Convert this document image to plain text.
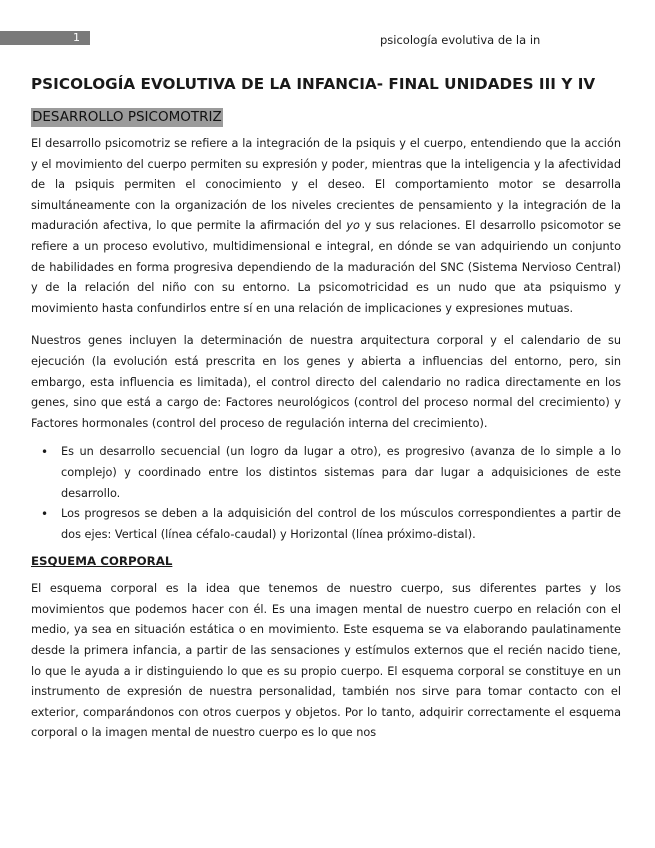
1	psicología evolutiva de la in
PSICOLOGÍA EVOLUTIVA DE LA INFANCIA- FINAL UNIDADES III Y IV
DESARROLLO PSICOMOTRIZ

El desarrollo psicomotriz se refiere a la integración de la psiquis y el cuerpo, entendiendo que la acción y el movimiento del cuerpo permiten su expresión y poder, mientras que la inteligencia y la afectividad de la psiquis permiten el conocimiento y el deseo. El comportamiento motor se desarrolla simultáneamente con la organización de los niveles crecientes de pensamiento y la integración de la maduración afectiva, lo que permite la afirmación del yo y sus relaciones. El desarrollo psicomotor se refiere a un proceso evolutivo, multidimensional e integral, en dónde se van adquiriendo un conjunto de habilidades en forma progresiva dependiendo de la maduración del SNC (Sistema Nervioso Central) y de la relación del niño con su entorno. La psicomotricidad es un nudo que ata psiquismo y movimiento hasta confundirlos entre sí en una relación de implicaciones y expresiones mutuas.

Nuestros genes incluyen la determinación de nuestra arquitectura corporal y el calendario de su ejecución (la evolución está prescrita en los genes y abierta a influencias del entorno, pero, sin embargo, esta influencia es limitada), el control directo del calendario no radica directamente en los genes, sino que está a cargo de: Factores neurológicos (control del proceso normal del crecimiento) y Factores hormonales (control del proceso de regulación interna del crecimiento).

• Es un desarrollo secuencial (un logro da lugar a otro), es progresivo (avanza de lo simple a lo complejo) y coordinado entre los distintos sistemas para dar lugar a adquisiciones de este desarrollo.
• Los progresos se deben a la adquisición del control de los músculos correspondientes a partir de dos ejes: Vertical (línea céfalo-caudal) y Horizontal (línea próximo-distal).
ESQUEMA CORPORAL

El esquema corporal es la idea que tenemos de nuestro cuerpo, sus diferentes partes y los movimientos que podemos hacer con él. Es una imagen mental de nuestro cuerpo en relación con el medio, ya sea en situación estática o en movimiento. Este esquema se va elaborando paulatinamente desde la primera infancia, a partir de las sensaciones y estímulos externos que el recién nacido tiene, lo que le ayuda a ir distinguiendo lo que es su propio cuerpo. El esquema corporal se constituye en un instrumento de expresión de nuestra personalidad, también nos sirve para tomar contacto con el exterior, comparándonos con otros cuerpos y objetos. Por lo tanto, adquirir correctamente el esquema corporal o la imagen mental de nuestro cuerpo es lo que nos
